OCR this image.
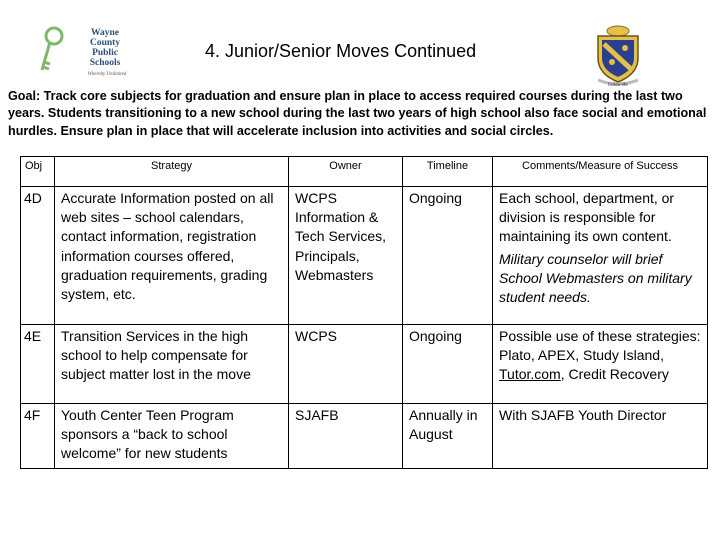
Wayne
County
Public
Schools
Whereby Unlimited
4. Junior/Senior Moves Continued
Follow Me
Goal: Track core subjects for graduation and ensure plan in place to access required courses during the last two years. Students transitioning to a new school during the last two years of high school also face social and emotional hurdles. Ensure plan in place that will accelerate inclusion into activities and social circles.
Obj	Strategy	Owner	Timeline	Comments/Measure of Success
4D	Accurate Information posted on all web sites – school calendars, contact information, registration information courses offered, graduation requirements, grading system, etc.	WCPS Information & Tech Services, Principals, Webmasters	Ongoing	Each school, department, or division is responsible for maintaining its own content.
Military counselor will brief School Webmasters on military student needs.

4E	Transition Services in the high school to help compensate for subject matter lost in the move	WCPS	Ongoing	Possible use of these strategies: Plato, APEX, Study Island, Tutor.com, Credit Recovery
4F	Youth Center Teen Program sponsors a “back to school welcome” for new students	SJAFB	Annually in August	With SJAFB Youth Director
